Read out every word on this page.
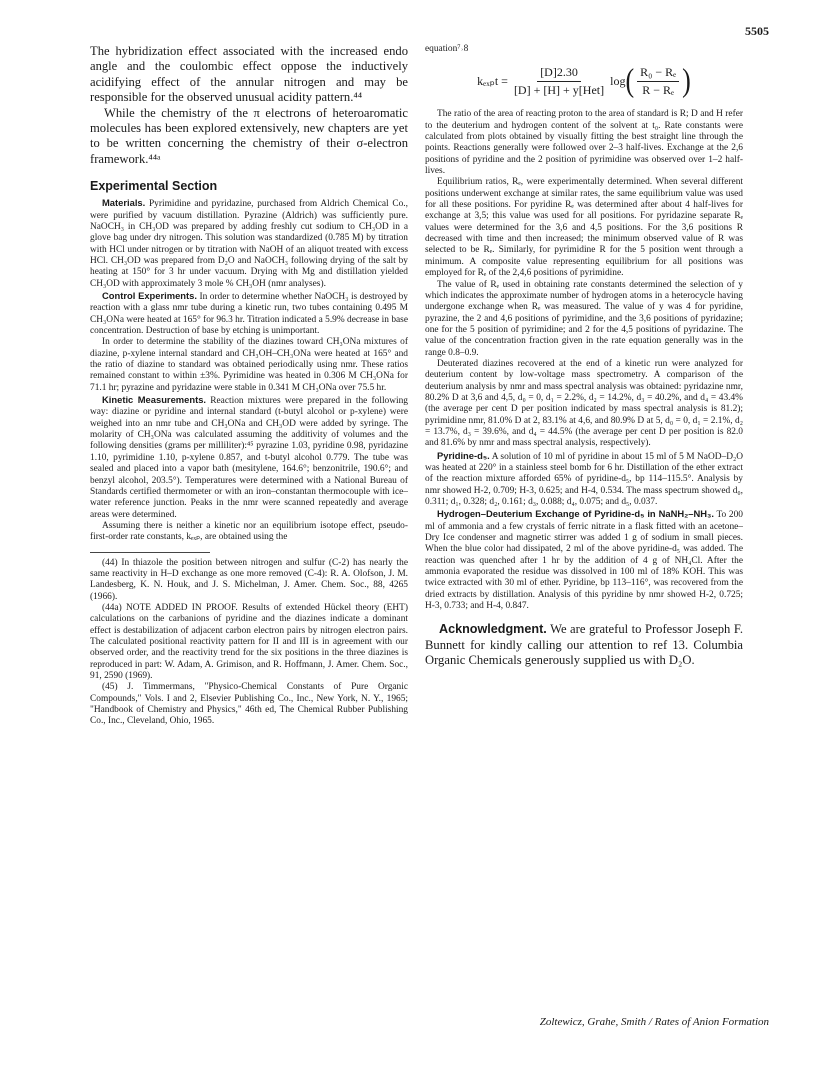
5505

The hybridization effect associated with the increased endo angle and the coulombic effect oppose the inductively acidifying effect of the annular nitrogen and may be responsible for the observed unusual acidity pattern.⁴⁴

While the chemistry of the π electrons of heteroaromatic molecules has been explored extensively, new chapters are yet to be written concerning the chemistry of their σ-electron framework.⁴⁴ᵃ

Experimental Section

Materials. Pyrimidine and pyridazine, purchased from Aldrich Chemical Co., were purified by vacuum distillation. Pyrazine (Aldrich) was sufficiently pure. NaOCH₃ in CH₃OD was prepared by adding freshly cut sodium to CH₃OD in a glove bag under dry nitrogen. This solution was standardized (0.785 M) by titration with HCl under nitrogen or by titration with NaOH of an aliquot treated with excess HCl. CH₃OD was prepared from D₂O and NaOCH₃ following drying of the salt by heating at 150° for 3 hr under vacuum. Drying with Mg and distillation yielded CH₃OD with approximately 3 mole % CH₃OH (nmr analyses).

Control Experiments. In order to determine whether NaOCH₃ is destroyed by reaction with a glass nmr tube during a kinetic run, two tubes containing 0.495 M CH₃ONa were heated at 165° for 96.3 hr. Titration indicated a 5.9% decrease in base concentration. Destruction of base by etching is unimportant.

In order to determine the stability of the diazines toward CH₃ONa mixtures of diazine, p-xylene internal standard and CH₃OH–CH₃ONa were heated at 165° and the ratio of diazine to standard was obtained periodically using nmr. These ratios remained constant to within ±3%. Pyrimidine was heated in 0.306 M CH₃ONa for 71.1 hr; pyrazine and pyridazine were stable in 0.341 M CH₃ONa over 75.5 hr.

Kinetic Measurements. Reaction mixtures were prepared in the following way: diazine or pyridine and internal standard (t-butyl alcohol or p-xylene) were weighed into an nmr tube and CH₃ONa and CH₃OD were added by syringe. The molarity of CH₃ONa was calculated assuming the additivity of volumes and the following densities (grams per milliliter):⁴⁵ pyrazine 1.03, pyridine 0.98, pyridazine 1.10, pyrimidine 1.10, p-xylene 0.857, and t-butyl alcohol 0.779. The tube was sealed and placed into a vapor bath (mesitylene, 164.6°; benzonitrile, 190.6°; and benzyl alcohol, 203.5°). Temperatures were determined with a National Bureau of Standards certified thermometer or with an iron–constantan thermocouple with ice–water reference junction. Peaks in the nmr were scanned repeatedly and average areas were determined.

Assuming there is neither a kinetic nor an equilibrium isotope effect, pseudo-first-order rate constants, kₑₓₚ, are obtained using the

(44) In thiazole the position between nitrogen and sulfur (C-2) has nearly the same reactivity in H–D exchange as one more removed (C-4): R. A. Olofson, J. M. Landesberg, K. N. Houk, and J. S. Michelman, J. Amer. Chem. Soc., 88, 4265 (1966).

(44a) NOTE ADDED IN PROOF. Results of extended Hückel theory (EHT) calculations on the carbanions of pyridine and the diazines indicate a dominant effect is destabilization of adjacent carbon electron pairs by nitrogen electron pairs. The calculated positional reactivity pattern for II and III is in agreement with our observed order, and the reactivity trend for the six positions in the three diazines is reproduced in part: W. Adam, A. Grimison, and R. Hoffmann, J. Amer. Chem. Soc., 91, 2590 (1969).

(45) J. Timmermans, "Physico-Chemical Constants of Pure Organic Compounds," Vols. I and 2, Elsevier Publishing Co., Inc., New York, N. Y., 1965; "Handbook of Chemistry and Physics," 46th ed, The Chemical Rubber Publishing Co., Inc., Cleveland, Ohio, 1965.

equation⁷˒8

$k_{exp}t = \frac{[D]2.30}{\text{[D] + [H] + y[Het]}}$ log ( $\frac{\text{R₀ − Rₑ}}{\text{R − Rₑ}}$ )

The ratio of the area of reacting proton to the area of standard is R; D and H refer to the deuterium and hydrogen content of the solvent at t₀. Rate constants were calculated from plots obtained by visually fitting the best straight line through the points. Reactions generally were followed over 2–3 half-lives. Exchange at the 2,6 positions of pyridine and the 2 position of pyrimidine was observed over 1–2 half-lives.

Equilibrium ratios, Rₑ, were experimentally determined. When several different positions underwent exchange at similar rates, the same equilibrium value was used for all these positions. For pyridine Rₑ was determined after about 4 half-lives for exchange at 3,5; this value was used for all positions. For pyridazine separate Rₑ values were determined for the 3,6 and 4,5 positions. For the 3,6 positions R decreased with time and then increased; the minimum observed value of R was selected to be Rₑ. Similarly, for pyrimidine R for the 5 position went through a minimum. A composite value representing equilibrium for all positions was employed for Rₑ of the 2,4,6 positions of pyrimidine.

The value of Rₑ used in obtaining rate constants determined the selection of y which indicates the approximate number of hydrogen atoms in a heterocycle having undergone exchange when Rₑ was measured. The value of y was 4 for pyridine, pyrazine, the 2 and 4,6 positions of pyrimidine, and the 3,6 positions of pyridazine; one for the 5 position of pyrimidine; and 2 for the 4,5 positions of pyridazine. The value of the concentration fraction given in the rate equation generally was in the range 0.8–0.9.

Deuterated diazines recovered at the end of a kinetic run were analyzed for deuterium content by low-voltage mass spectrometry. A comparison of the deuterium analysis by nmr and mass spectral analysis was obtained: pyridazine nmr, 80.2% D at 3,6 and 4,5, d₀ = 0, d₁ = 2.2%, d₂ = 14.2%, d₃ = 40.2%, and d₄ = 43.4% (the average per cent D per position indicated by mass spectral analysis is 81.2); pyrimidine nmr, 81.0% D at 2, 83.1% at 4,6, and 80.9% D at 5, d₀ = 0, d₁ = 2.1%, d₂ = 13.7%, d₃ = 39.6%, and d₄ = 44.5% (the average per cent D per position is 82.0 and 81.6% by nmr and mass spectral analysis, respectively).

Pyridine-d₅. A solution of 10 ml of pyridine in about 15 ml of 5 M NaOD–D₂O was heated at 220° in a stainless steel bomb for 6 hr. Distillation of the ether extract of the reaction mixture afforded 65% of pyridine-d₅, bp 114–115.5°. Analysis by nmr showed H-2, 0.709; H-3, 0.625; and H-4, 0.534. The mass spectrum showed d₀, 0.311; d₁, 0.328; d₂, 0.161; d₃, 0.088; d₄, 0.075; and d₅, 0.037.

Hydrogen–Deuterium Exchange of Pyridine-d₅ in NaNH₂–NH₃. To 200 ml of ammonia and a few crystals of ferric nitrate in a flask fitted with an acetone–Dry Ice condenser and magnetic stirrer was added 1 g of sodium in small pieces. When the blue color had dissipated, 2 ml of the above pyridine-d₅ was added. The reaction was quenched after 1 hr by the addition of 4 g of NH₄Cl. After the ammonia evaporated the residue was dissolved in 100 ml of 18% KOH. This was twice extracted with 30 ml of ether. Pyridine, bp 113–116°, was recovered from the dried extracts by distillation. Analysis of this pyridine by nmr showed H-2, 0.725; H-3, 0.733; and H-4, 0.847.

Acknowledgment. We are grateful to Professor Joseph F. Bunnett for kindly calling our attention to ref 13. Columbia Organic Chemicals generously supplied us with D₂O.

Zoltewicz, Grahe, Smith / Rates of Anion Formation
